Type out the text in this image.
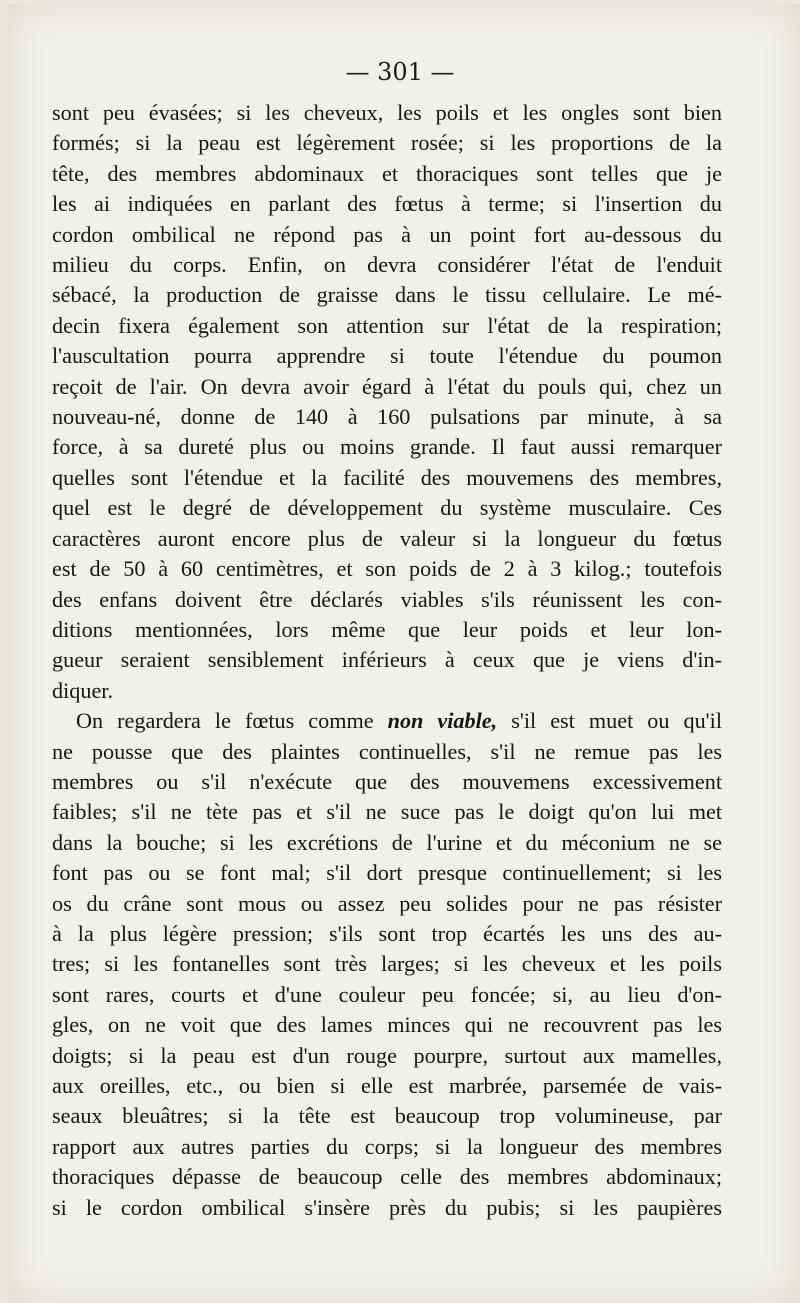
— 301 —
sont peu évasées; si les cheveux, les poils et les ongles sont bien
formés; si la peau est légèrement rosée; si les proportions de la
tête, des membres abdominaux et thoraciques sont telles que je
les ai indiquées en parlant des fœtus à terme; si l'insertion du
cordon ombilical ne répond pas à un point fort au-dessous du
milieu du corps. Enfin, on devra considérer l'état de l'enduit
sébacé, la production de graisse dans le tissu cellulaire. Le mé-
decin fixera également son attention sur l'état de la respiration;
l'auscultation pourra apprendre si toute l'étendue du poumon
reçoit de l'air. On devra avoir égard à l'état du pouls qui, chez un
nouveau-né, donne de 140 à 160 pulsations par minute, à sa
force, à sa dureté plus ou moins grande. Il faut aussi remarquer
quelles sont l'étendue et la facilité des mouvemens des membres,
quel est le degré de développement du système musculaire. Ces
caractères auront encore plus de valeur si la longueur du fœtus
est de 50 à 60 centimètres, et son poids de 2 à 3 kilog.; toutefois
des enfans doivent être déclarés viables s'ils réunissent les con-
ditions mentionnées, lors même que leur poids et leur lon-
gueur seraient sensiblement inférieurs à ceux que je viens d'in-
diquer.
On regardera le fœtus comme non viable, s'il est muet ou qu'il
ne pousse que des plaintes continuelles, s'il ne remue pas les
membres ou s'il n'exécute que des mouvemens excessivement
faibles; s'il ne tète pas et s'il ne suce pas le doigt qu'on lui met
dans la bouche; si les excrétions de l'urine et du méconium ne se
font pas ou se font mal; s'il dort presque continuellement; si les
os du crâne sont mous ou assez peu solides pour ne pas résister
à la plus légère pression; s'ils sont trop écartés les uns des au-
tres; si les fontanelles sont très larges; si les cheveux et les poils
sont rares, courts et d'une couleur peu foncée; si, au lieu d'on-
gles, on ne voit que des lames minces qui ne recouvrent pas les
doigts; si la peau est d'un rouge pourpre, surtout aux mamelles,
aux oreilles, etc., ou bien si elle est marbrée, parsemée de vais-
seaux bleuâtres; si la tête est beaucoup trop volumineuse, par
rapport aux autres parties du corps; si la longueur des membres
thoraciques dépasse de beaucoup celle des membres abdominaux;
si le cordon ombilical s'insère près du pubis; si les paupières
